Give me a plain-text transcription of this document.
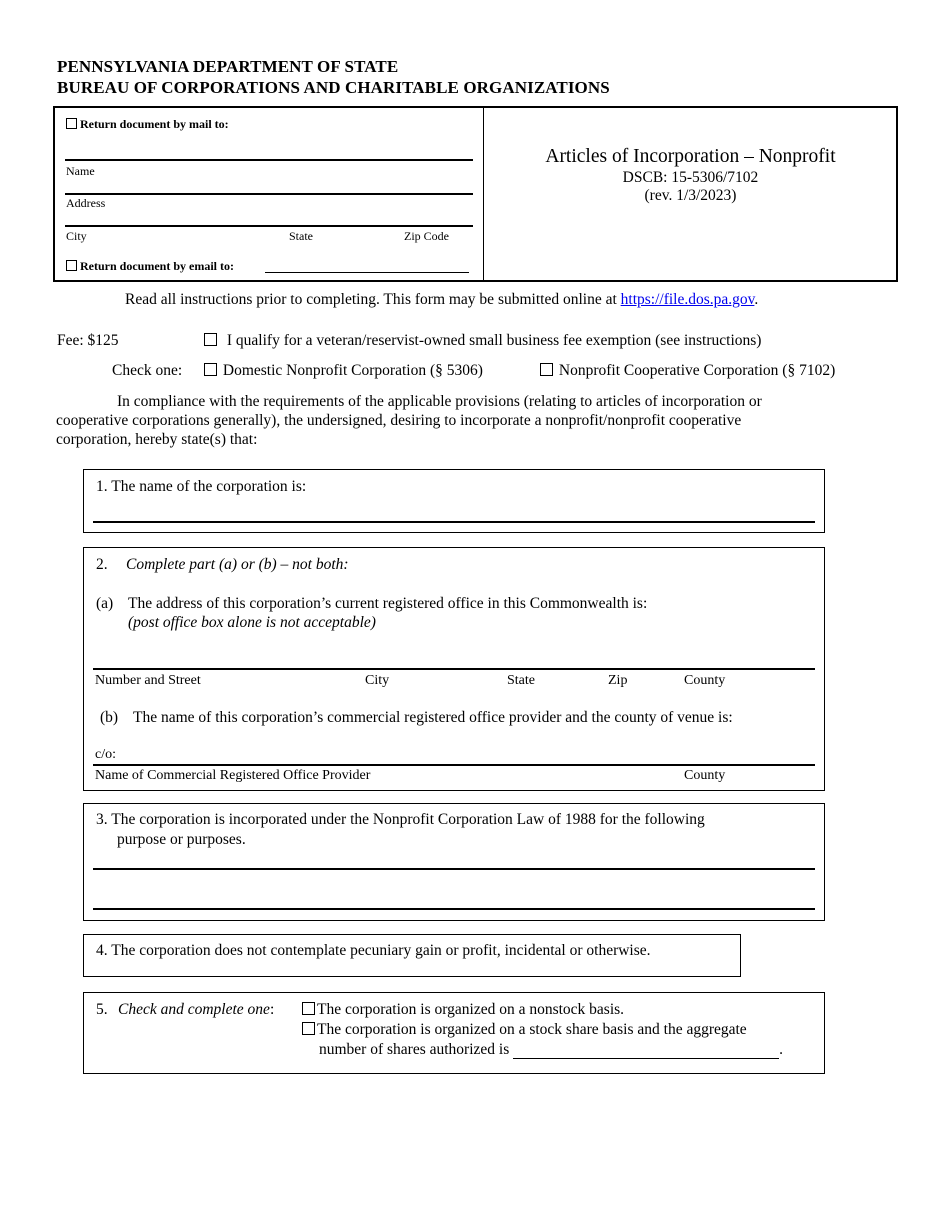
PENNSYLVANIA DEPARTMENT OF STATE
BUREAU OF CORPORATIONS AND CHARITABLE ORGANIZATIONS
Return document by mail to:
Name
Address
City	State	Zip Code
Return document by email to:
Articles of Incorporation – Nonprofit
DSCB: 15-5306/7102
(rev. 1/3/2023)
Read all instructions prior to completing. This form may be submitted online at https://file.dos.pa.gov.
Fee: $125	I qualify for a veteran/reservist-owned small business fee exemption (see instructions)
Check one:	Domestic Nonprofit Corporation (§ 5306)	Nonprofit Cooperative Corporation (§ 7102)
In compliance with the requirements of the applicable provisions (relating to articles of incorporation or
cooperative corporations generally), the undersigned, desiring to incorporate a nonprofit/nonprofit cooperative
corporation, hereby state(s) that:
1. The name of the corporation is:
2. Complete part (a) or (b) – not both:
(a) The address of this corporation’s current registered office in this Commonwealth is:
(post office box alone is not acceptable)
Number and Street	City	State	Zip	County
(b) The name of this corporation’s commercial registered office provider and the county of venue is:
c/o:
Name of Commercial Registered Office Provider	County
3. The corporation is incorporated under the Nonprofit Corporation Law of 1988 for the following
purpose or purposes.
4. The corporation does not contemplate pecuniary gain or profit, incidental or otherwise.
5. Check and complete one:	The corporation is organized on a nonstock basis.
The corporation is organized on a stock share basis and the aggregate
number of shares authorized is	.
